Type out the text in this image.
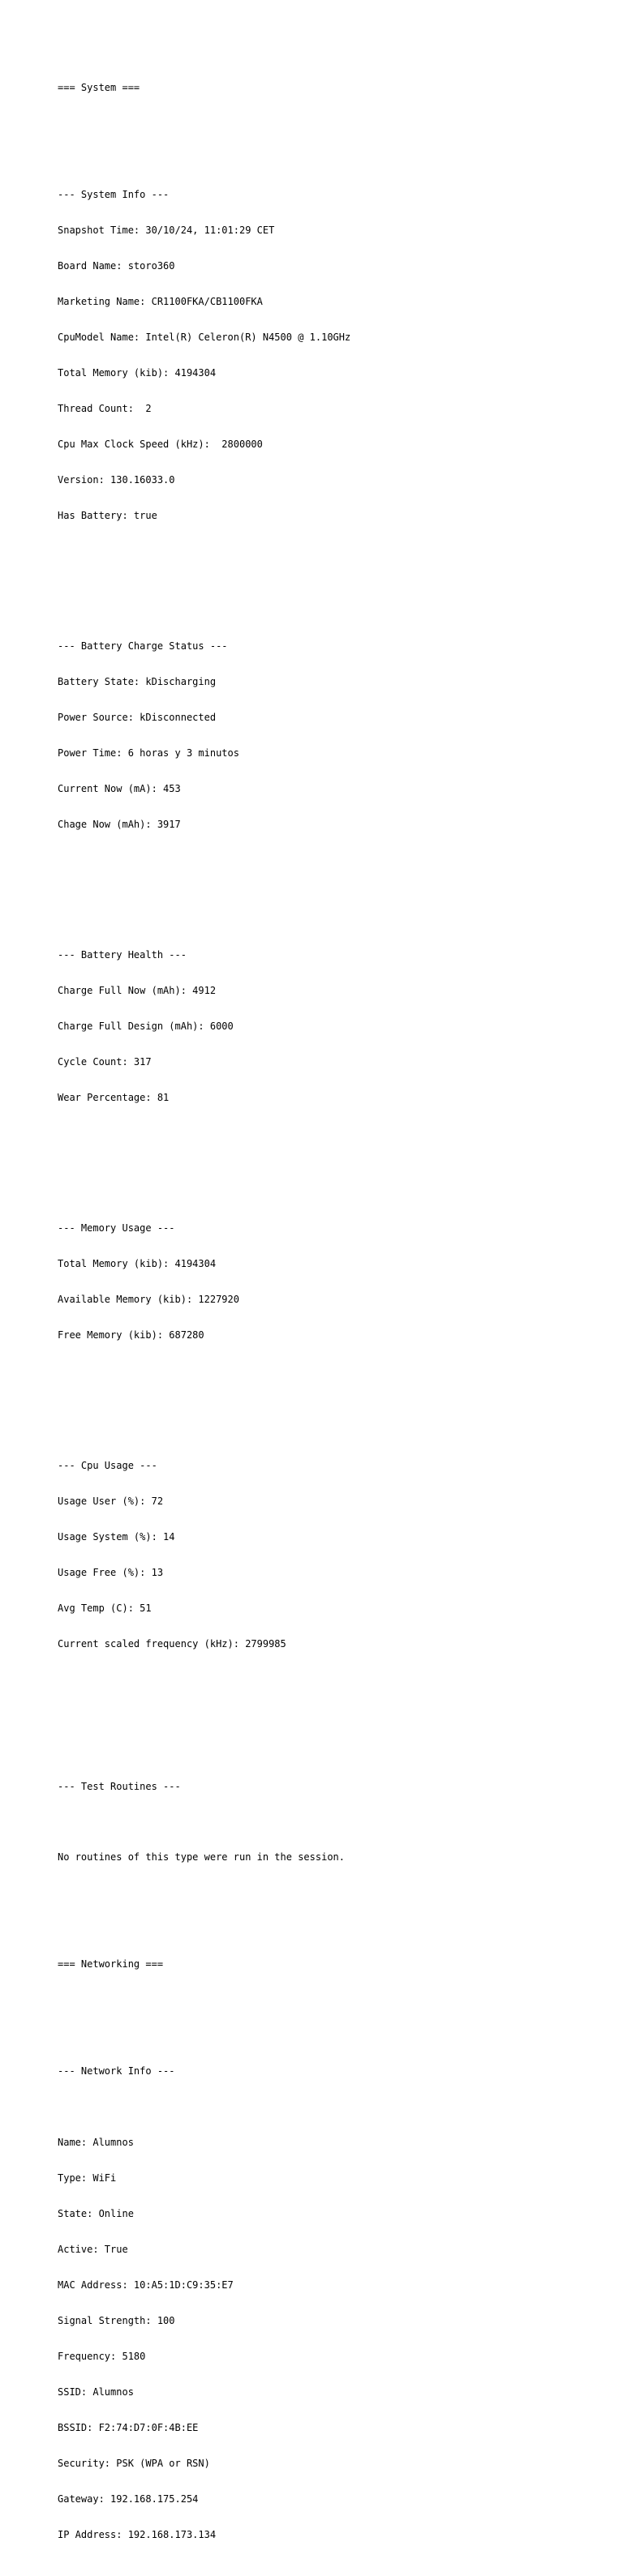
=== System ===

--- System Info ---

Snapshot Time: 30/10/24, 11:01:29 CET

Board Name: storo360

Marketing Name: CR1100FKA/CB1100FKA

CpuModel Name: Intel(R) Celeron(R) N4500 @ 1.10GHz

Total Memory (kib): 4194304

Thread Count:  2

Cpu Max Clock Speed (kHz):  2800000

Version: 130.16033.0

Has Battery: true

--- Battery Charge Status ---

Battery State: kDischarging

Power Source: kDisconnected

Power Time: 6 horas y 3 minutos

Current Now (mA): 453

Chage Now (mAh): 3917

--- Battery Health ---

Charge Full Now (mAh): 4912

Charge Full Design (mAh): 6000

Cycle Count: 317

Wear Percentage: 81

--- Memory Usage ---

Total Memory (kib): 4194304

Available Memory (kib): 1227920

Free Memory (kib): 687280

--- Cpu Usage ---

Usage User (%): 72

Usage System (%): 14

Usage Free (%): 13

Avg Temp (C): 51

Current scaled frequency (kHz): 2799985

--- Test Routines ---

No routines of this type were run in the session.

=== Networking ===

--- Network Info ---

Name: Alumnos

Type: WiFi

State: Online

Active: True

MAC Address: 10:A5:1D:C9:35:E7

Signal Strength: 100

Frequency: 5180

SSID: Alumnos

BSSID: F2:74:D7:0F:4B:EE

Security: PSK (WPA or RSN)

Gateway: 192.168.175.254

IP Address: 192.168.173.134
